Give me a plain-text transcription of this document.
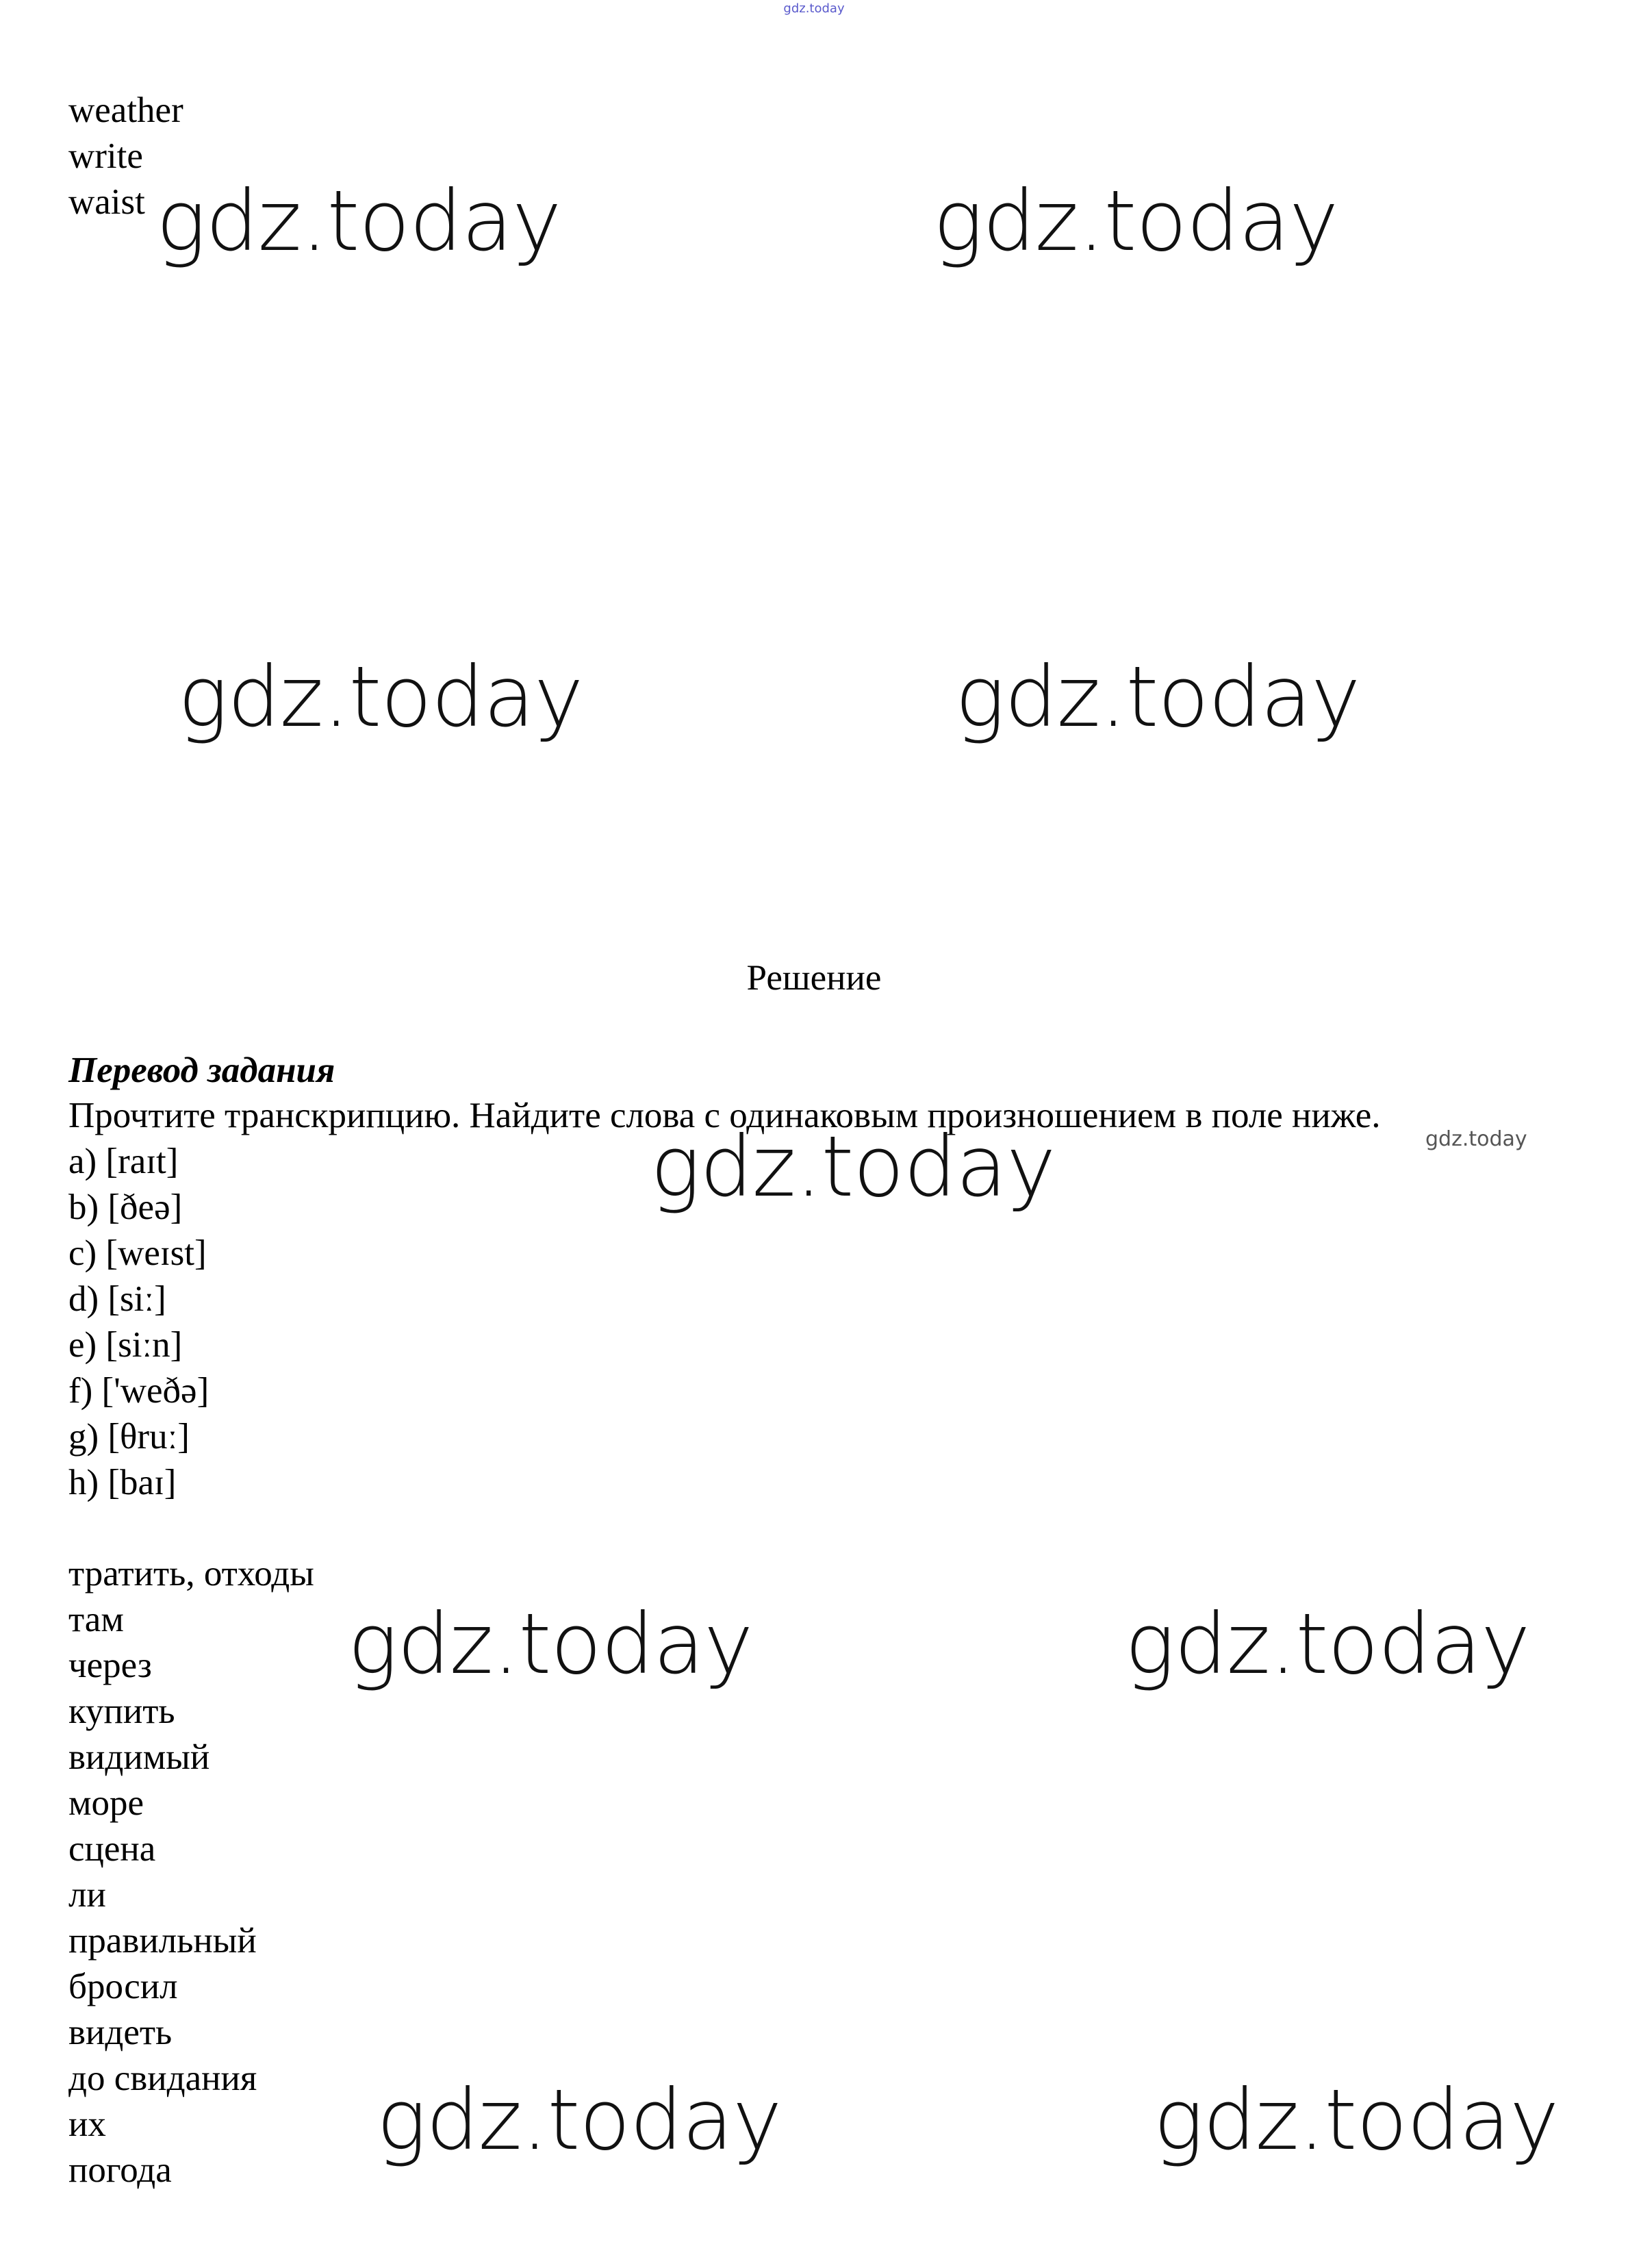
gdz.today
weather
write
waist
Решение
Перевод задания
Прочтите транскрипцию. Найдите слова с одинаковым произношением в поле ниже.
a) [raɪt]
b) [ðeə]
c) [weɪst]
d) [siː]
e) [siːn]
f) ['weðə]
g) [θruː]
h) [baɪ]
тратить, отходы
там
через
купить
видимый
море
сцена
ли
правильный
бросил
видеть
до свидания
их
погода
gdz.today	gdz.today
gdz.today	gdz.today
gdz.today	gdz.today
gdz.today	gdz.today
gdz.today	gdz.today
